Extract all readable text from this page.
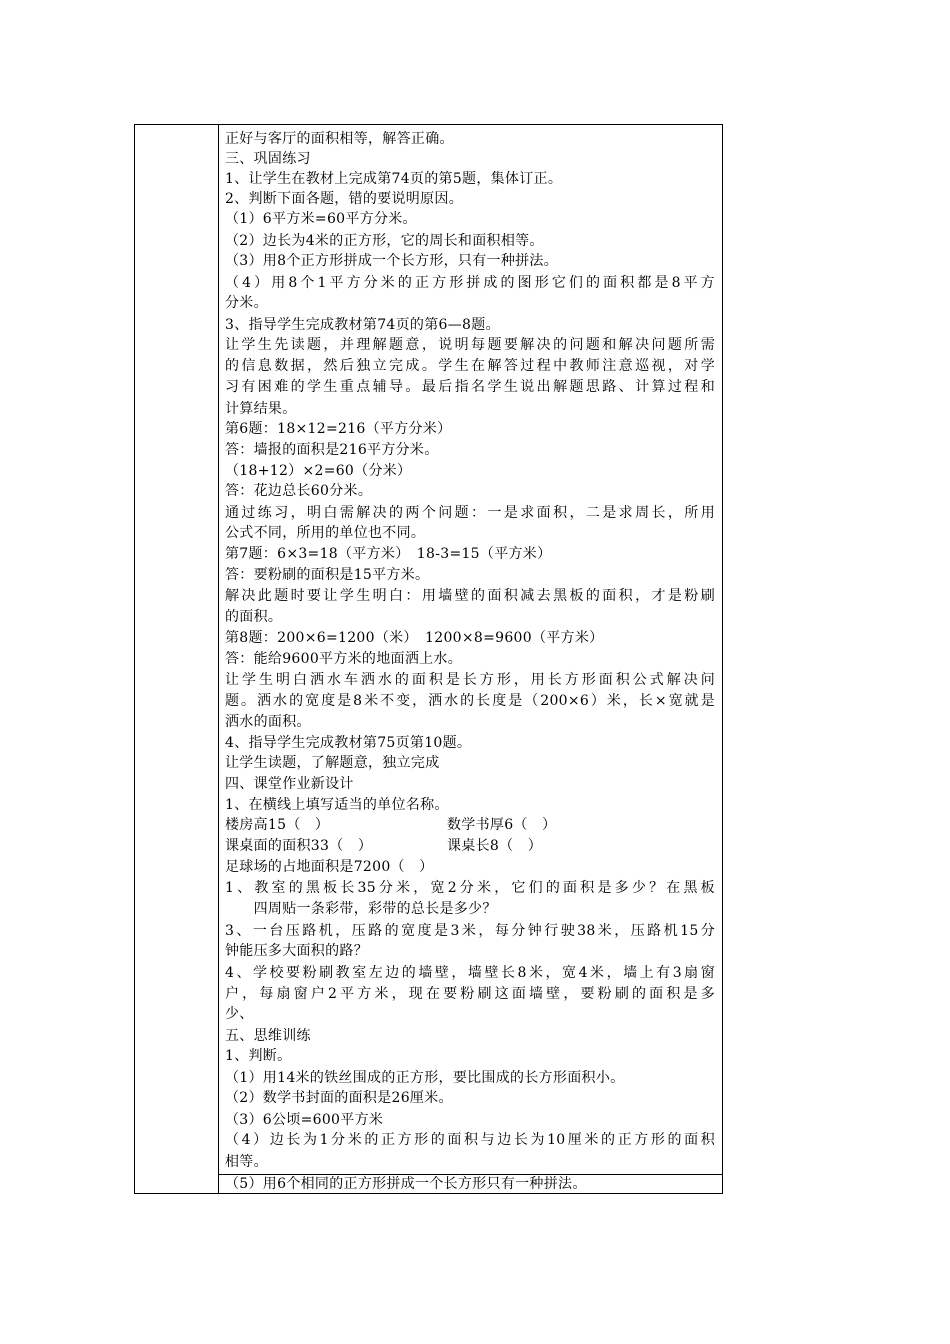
正好与客厅的面积相等，解答正确。
三、巩固练习
1、让学生在教材上完成第74页的第5题，集体订正。
2、判断下面各题，错的要说明原因。
（1）6平方米=60平方分米。
（2）边长为4米的正方形，它的周长和面积相等。
（3）用8个正方形拼成一个长方形，只有一种拼法。
（4）用8个1平方分米的正方形拼成的图形它们的面积都是8平方
分米。
3、指导学生完成教材第74页的第6—8题。
让学生先读题，并理解题意，说明每题要解决的问题和解决问题所需
的信息数据，然后独立完成。学生在解答过程中教师注意巡视，对学
习有困难的学生重点辅导。最后指名学生说出解题思路、计算过程和
计算结果。
第6题：18×12=216（平方分米）
答：墙报的面积是216平方分米。
（18+12）×2=60（分米）
答：花边总长60分米。
通过练习，明白需解决的两个问题：一是求面积，二是求周长，所用
公式不同，所用的单位也不同。
第7题：6×3=18（平方米）　18-3=15（平方米）
答：要粉刷的面积是15平方米。
解决此题时要让学生明白：用墙壁的面积减去黑板的面积，才是粉刷
的面积。
第8题：200×6=1200（米）　1200×8=9600（平方米）
答：能给9600平方米的地面洒上水。
让学生明白洒水车洒水的面积是长方形，用长方形面积公式解决问
题。洒水的宽度是8米不变，洒水的长度是（200×6）米，长×宽就是
洒水的面积。
4、指导学生完成教材第75页第10题。
让学生读题，了解题意，独立完成
四、课堂作业新设计
1、在横线上填写适当的单位名称。
楼房高15（　）
课桌面的面积33（　）
足球场的占地面积是7200（　）
1、教室的黑板长35分米，宽2分米，它们的面积是多少？在黑板
　　四周贴一条彩带，彩带的总长是多少？
3、一台压路机，压路的宽度是3米，每分钟行驶38米，压路机15分
钟能压多大面积的路？
4、学校要粉刷教室左边的墙壁，墙壁长8米，宽4米，墙上有3扇窗
户，每扇窗户2平方米，现在要粉刷这面墙壁，要粉刷的面积是多
少、
五、思维训练
1、判断。
（1）用14米的铁丝围成的正方形，要比围成的长方形面积小。
（2）数学书封面的面积是26厘米。
（3）6公顷=600平方米
（4）边长为1分米的正方形的面积与边长为10厘米的正方形的面积
相等。
（5）用6个相同的正方形拼成一个长方形只有一种拼法。
数学书厚6（　）
课桌长8（　）
